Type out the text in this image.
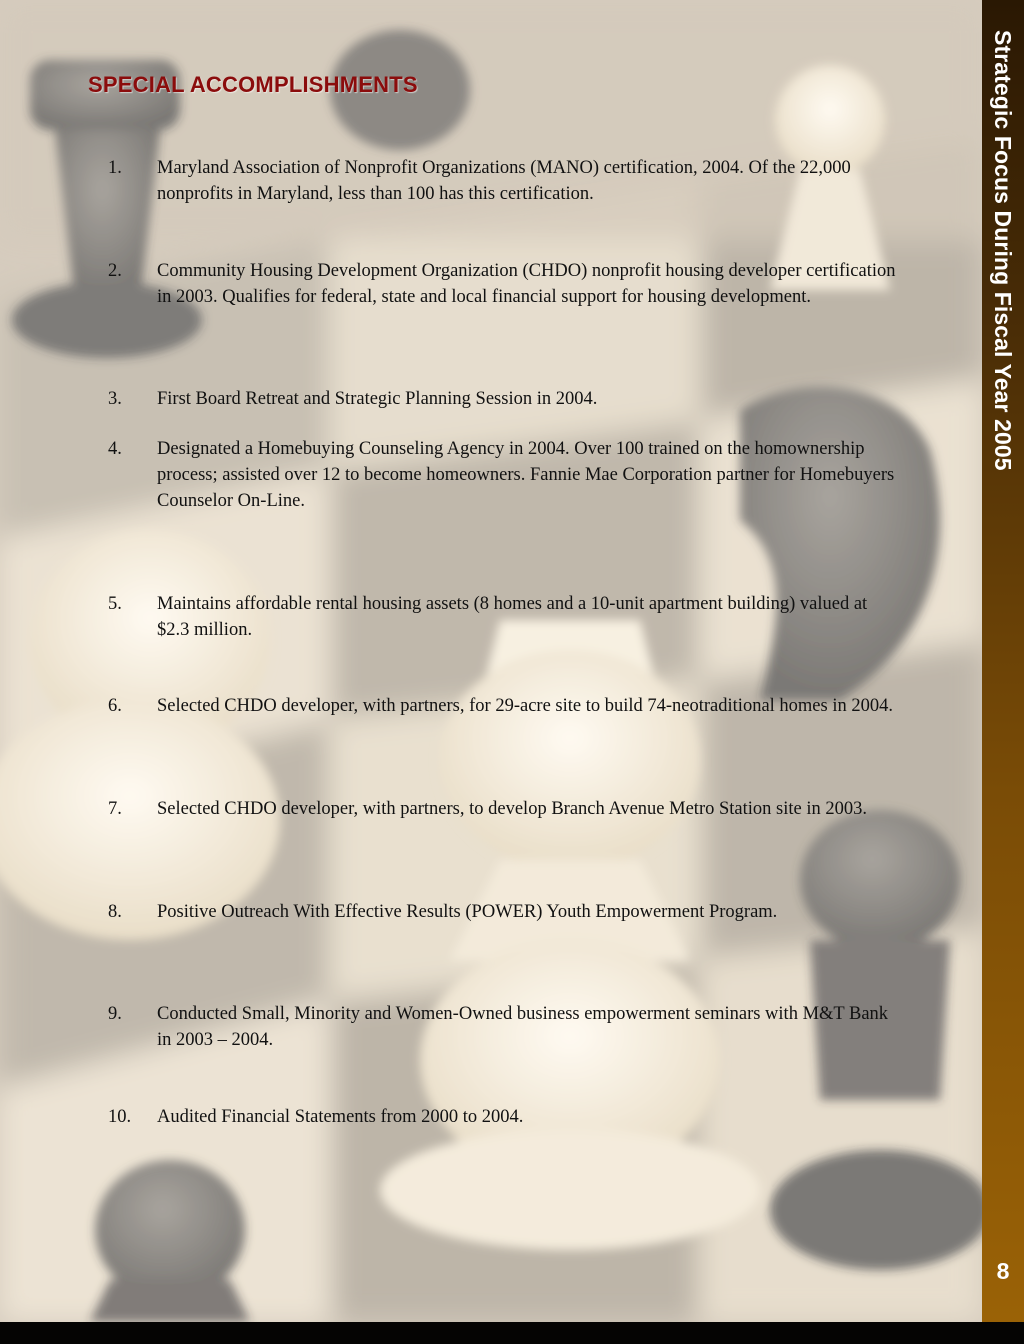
Strategic Focus During Fiscal Year 2005
8
SPECIAL ACCOMPLISHMENTS
1. Maryland Association of Nonprofit Organizations (MANO) certification, 2004. Of the 22,000 nonprofits in Maryland, less than 100 has this certification.
2. Community Housing Development Organization (CHDO) nonprofit housing developer certification in 2003. Qualifies for federal, state and local financial support for housing development.
3. First Board Retreat and Strategic Planning Session in 2004.
4. Designated a Homebuying Counseling Agency in 2004. Over 100 trained on the homownership process; assisted over 12 to become homeowners. Fannie Mae Corporation partner for Homebuyers Counselor On-Line.
5. Maintains affordable rental housing assets (8 homes and a 10-unit apartment building) valued at $2.3 million.
6. Selected CHDO developer, with partners, for 29-acre site to build 74-neotraditional homes in 2004.
7. Selected CHDO developer, with partners, to develop Branch Avenue Metro Station site in 2003.
8. Positive Outreach With Effective Results (POWER) Youth Empowerment Program.
9. Conducted Small, Minority and Women-Owned business empowerment seminars with M&T Bank in 2003 – 2004.
10. Audited Financial Statements from 2000 to 2004.
